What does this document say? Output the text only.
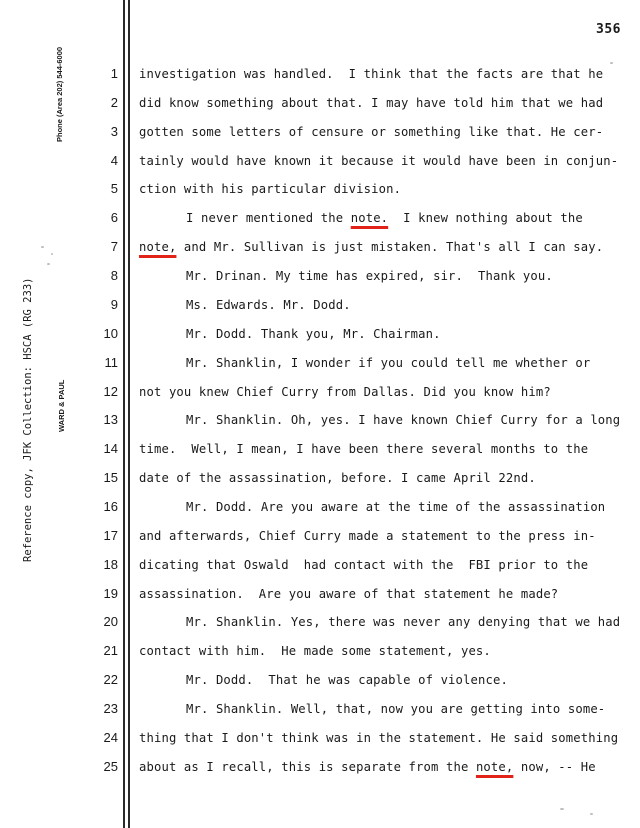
356
Phone (Area 202) 544-6000
WARD & PAUL
Reference copy, JFK Collection: HSCA (RG 233)
1 investigation was handled.  I think that the facts are that he
2 did know something about that. I may have told him that we had
3 gotten some letters of censure or something like that. He cer-
4 tainly would have known it because it would have been in conjun-
5 ction with his particular division.
6	I never mentioned the note.  I knew nothing about the
7 note, and Mr. Sullivan is just mistaken. That's all I can say.
8	Mr. Drinan. My time has expired, sir.  Thank you.
9	Ms. Edwards. Mr. Dodd.
10	Mr. Dodd. Thank you, Mr. Chairman.
11	Mr. Shanklin, I wonder if you could tell me whether or
12 not you knew Chief Curry from Dallas. Did you know him?
13	Mr. Shanklin. Oh, yes. I have known Chief Curry for a long
14 time.  Well, I mean, I have been there several months to the
15 date of the assassination, before. I came April 22nd.
16	Mr. Dodd. Are you aware at the time of the assassination
17 and afterwards, Chief Curry made a statement to the press in-
18 dicating that Oswald  had contact with the  FBI prior to the
19 assassination.  Are you aware of that statement he made?
20	Mr. Shanklin. Yes, there was never any denying that we had
21 contact with him.  He made some statement, yes.
22	Mr. Dodd.  That he was capable of violence.
23	Mr. Shanklin. Well, that, now you are getting into some-
24 thing that I don't think was in the statement. He said something
25 about as I recall, this is separate from the note, now, -- He
